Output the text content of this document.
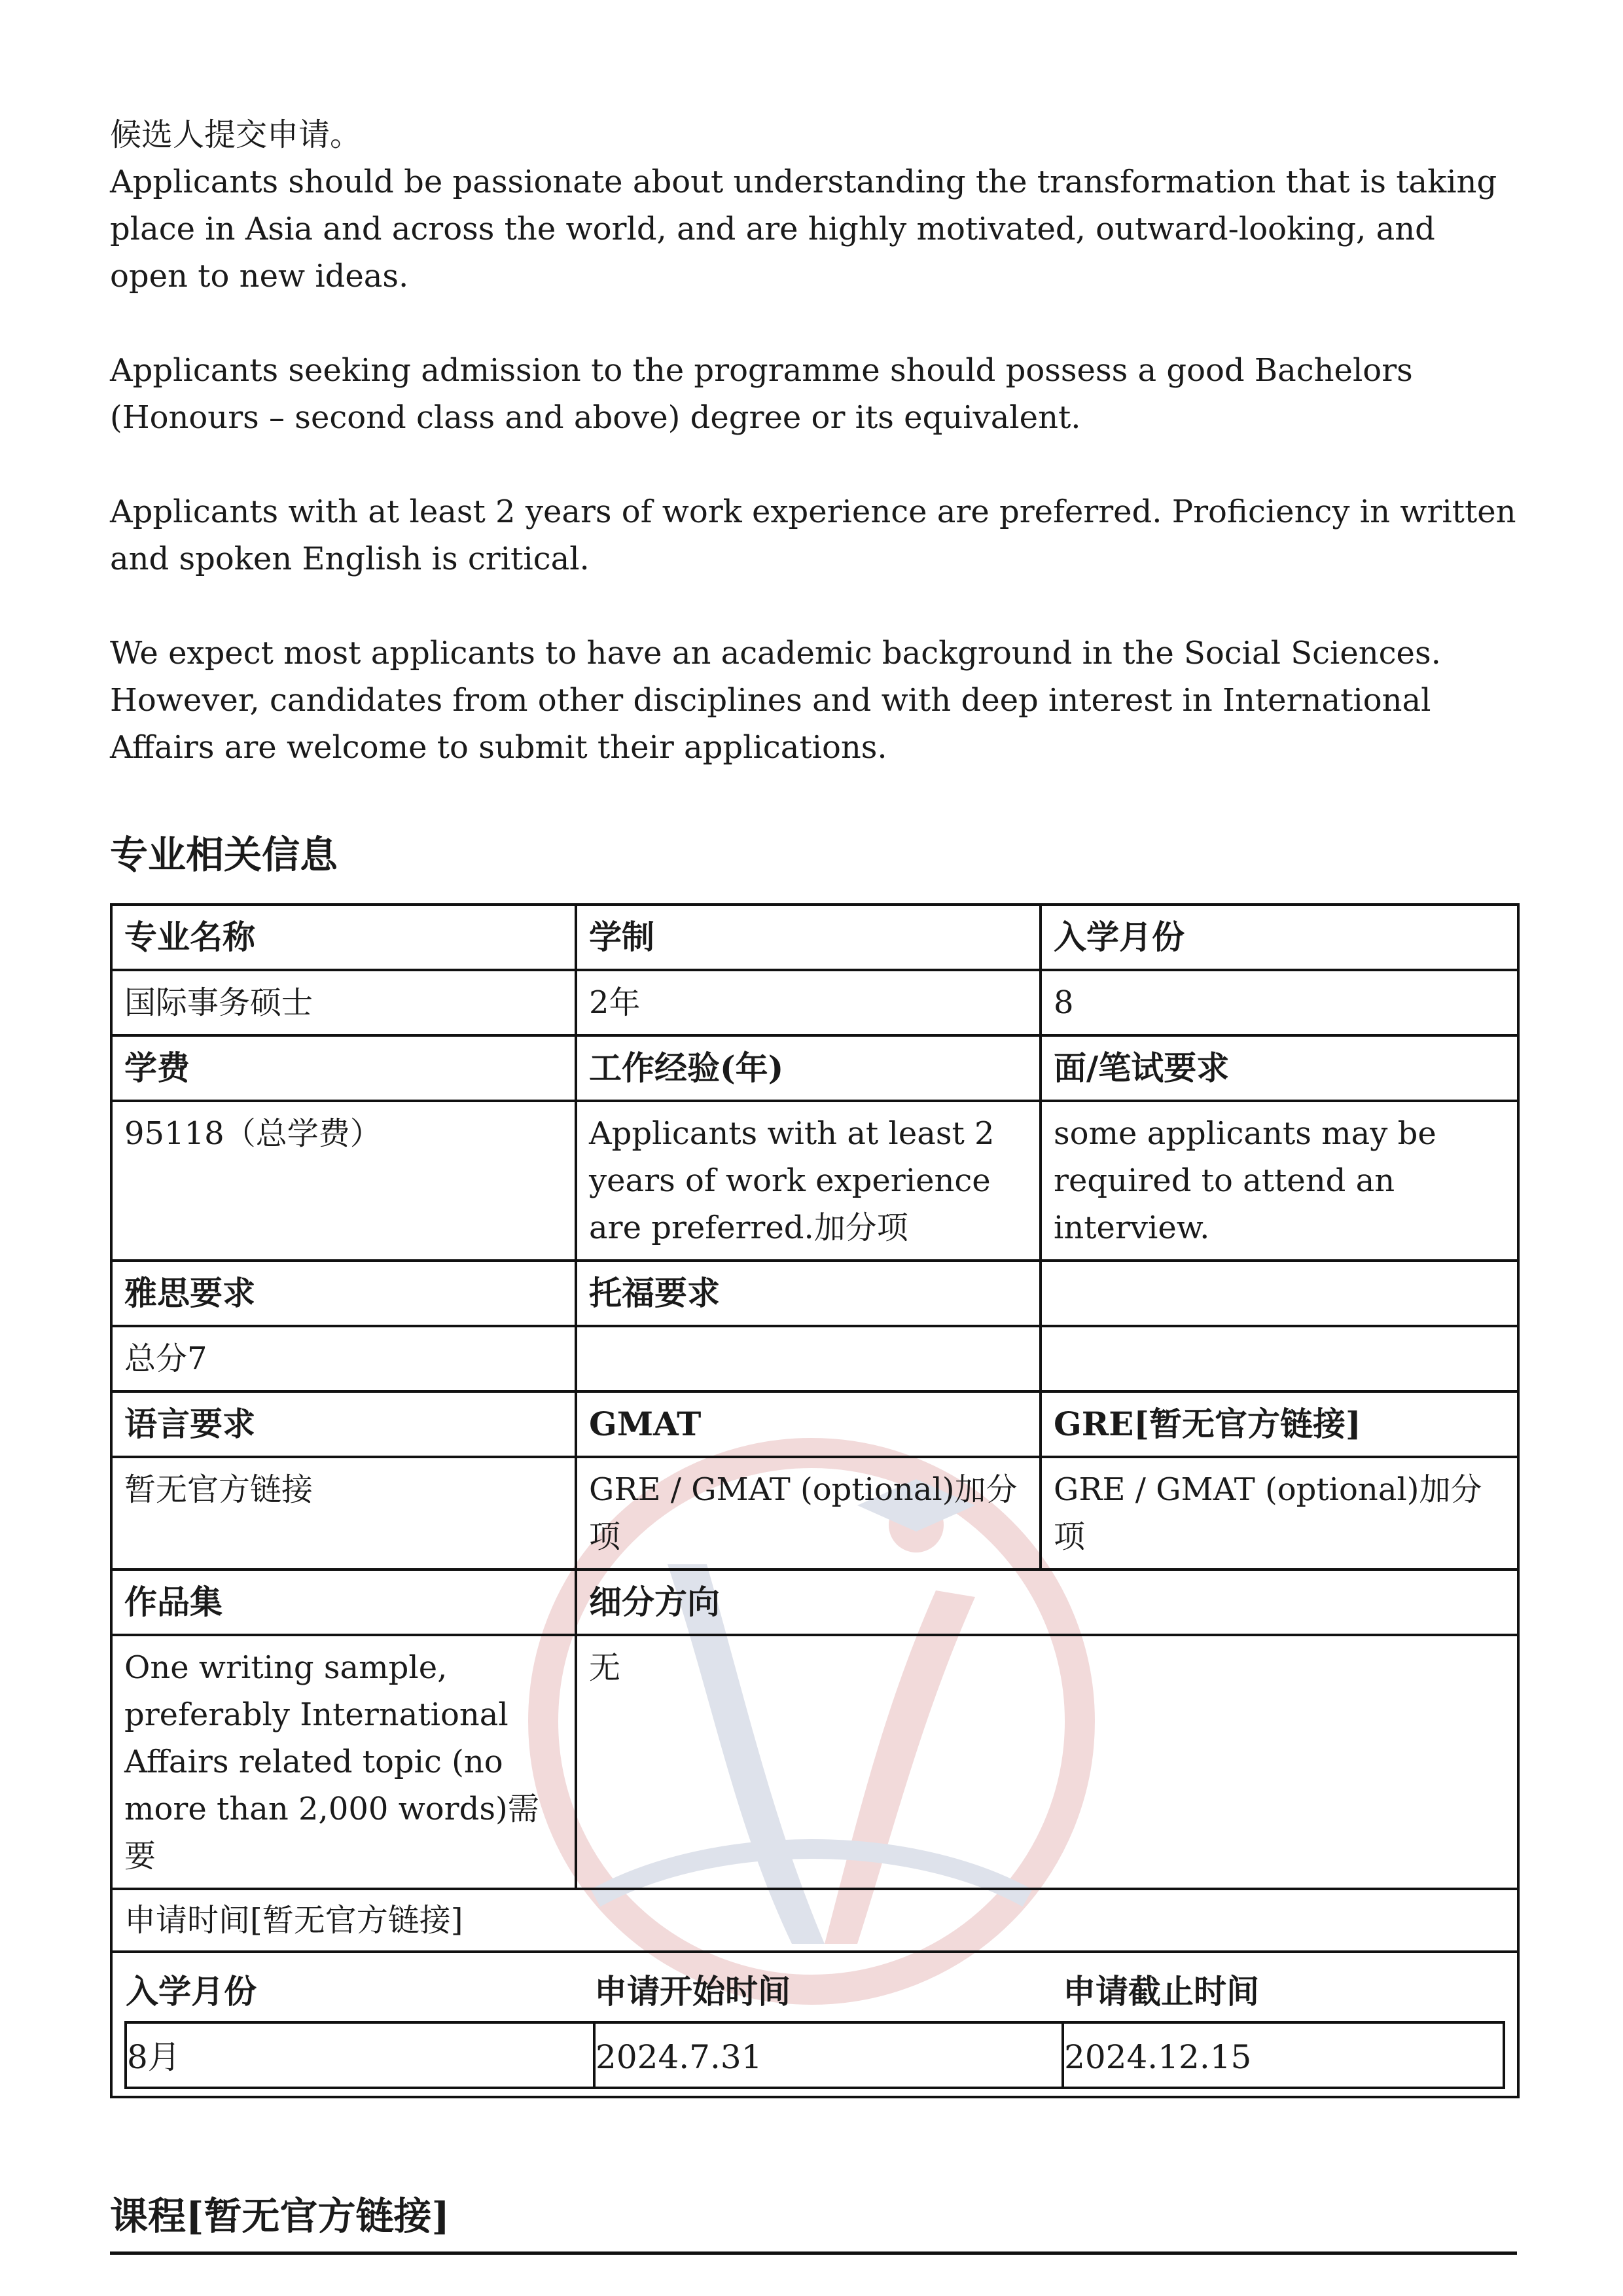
候选人提交申请。

Applicants should be passionate about understanding the transformation that is taking place in Asia and across the world, and are highly motivated, outward-looking, and open to new ideas.

Applicants seeking admission to the programme should possess a good Bachelors (Honours – second class and above) degree or its equivalent.

Applicants with at least 2 years of work experience are preferred. Proficiency in written and spoken English is critical.

We expect most applicants to have an academic background in the Social Sciences. However, candidates from other disciplines and with deep interest in International Affairs are welcome to submit their applications.

专业相关信息
专业名称	学制	入学月份
国际事务硕士	2年	8
学费	工作经验(年)	面/笔试要求
95118（总学费）	Applicants with at least 2 years of work experience are preferred.加分项	some applicants may be required to attend an interview.
雅思要求	托福要求	
总分7		
语言要求	GMAT	GRE[暂无官方链接]
暂无官方链接	GRE / GMAT (optional)加分项	GRE / GMAT (optional)加分项
作品集	细分方向
One writing sample, preferably International Affairs related topic (no more than 2,000 words)需要	无
申请时间[暂无官方链接]

入学月份	申请开始时间	申请截止时间
8月	2024.7.31	2024.12.15
课程[暂无官方链接]
